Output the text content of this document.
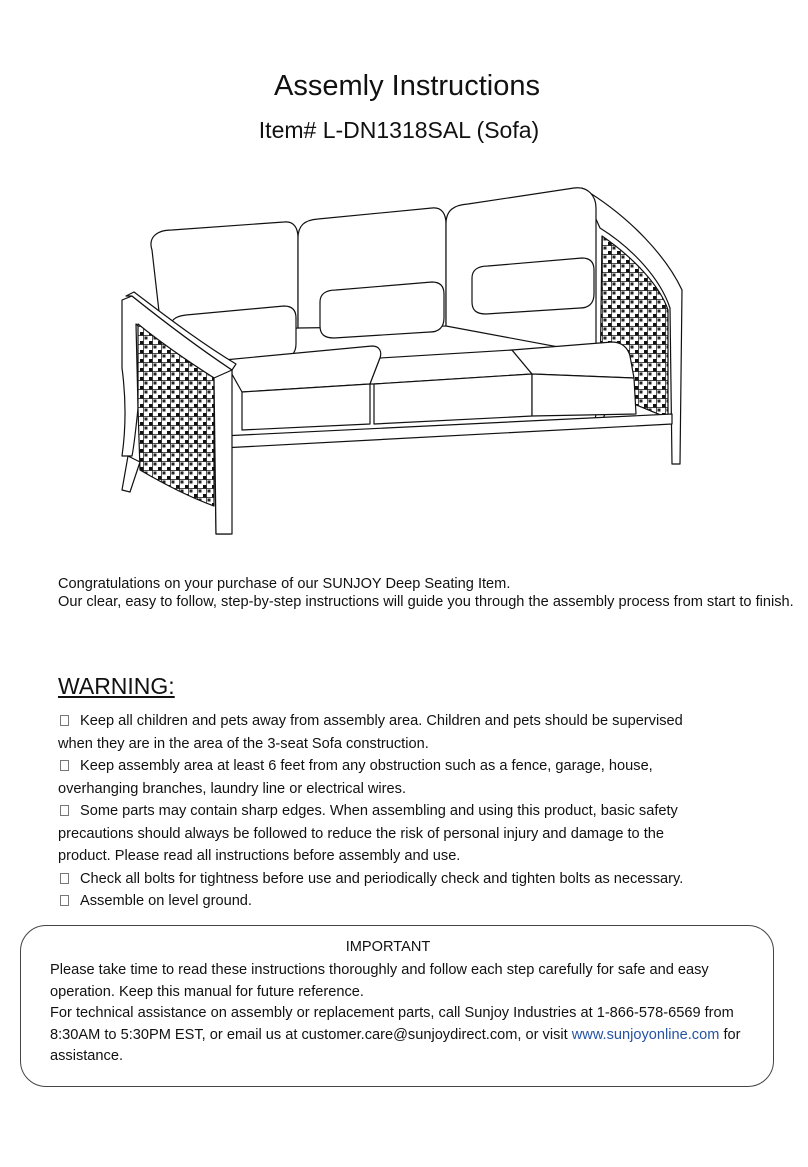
Assemly Instructions
Item# L-DN1318SAL (Sofa)

Congratulations on your purchase of our SUNJOY Deep Seating Item.

Our clear, easy to follow, step-by-step instructions will guide you through the assembly process from start to finish.

WARNING:

Keep all children and pets away from assembly area. Children and pets should be supervised when they are in the area of the 3-seat Sofa construction.

Keep assembly area at least 6 feet from any obstruction such as a fence, garage, house, overhanging branches, laundry line or electrical wires.

Some parts may contain sharp edges. When assembling and using this product, basic safety precautions should always be followed to reduce the risk of personal injury and damage to the product. Please read all instructions before assembly and use.

Check all bolts for tightness before use and periodically check and tighten bolts as necessary.

Assemble on level ground.

IMPORTANT

Please take time to read these instructions thoroughly and follow each step carefully for safe and easy operation. Keep this manual for future reference.

For technical assistance on assembly or replacement parts, call Sunjoy Industries at 1-866-578-6569 from 8:30AM to 5:30PM EST, or email us at customer.care@sunjoydirect.com, or visit www.sunjoyonline.com for assistance.
